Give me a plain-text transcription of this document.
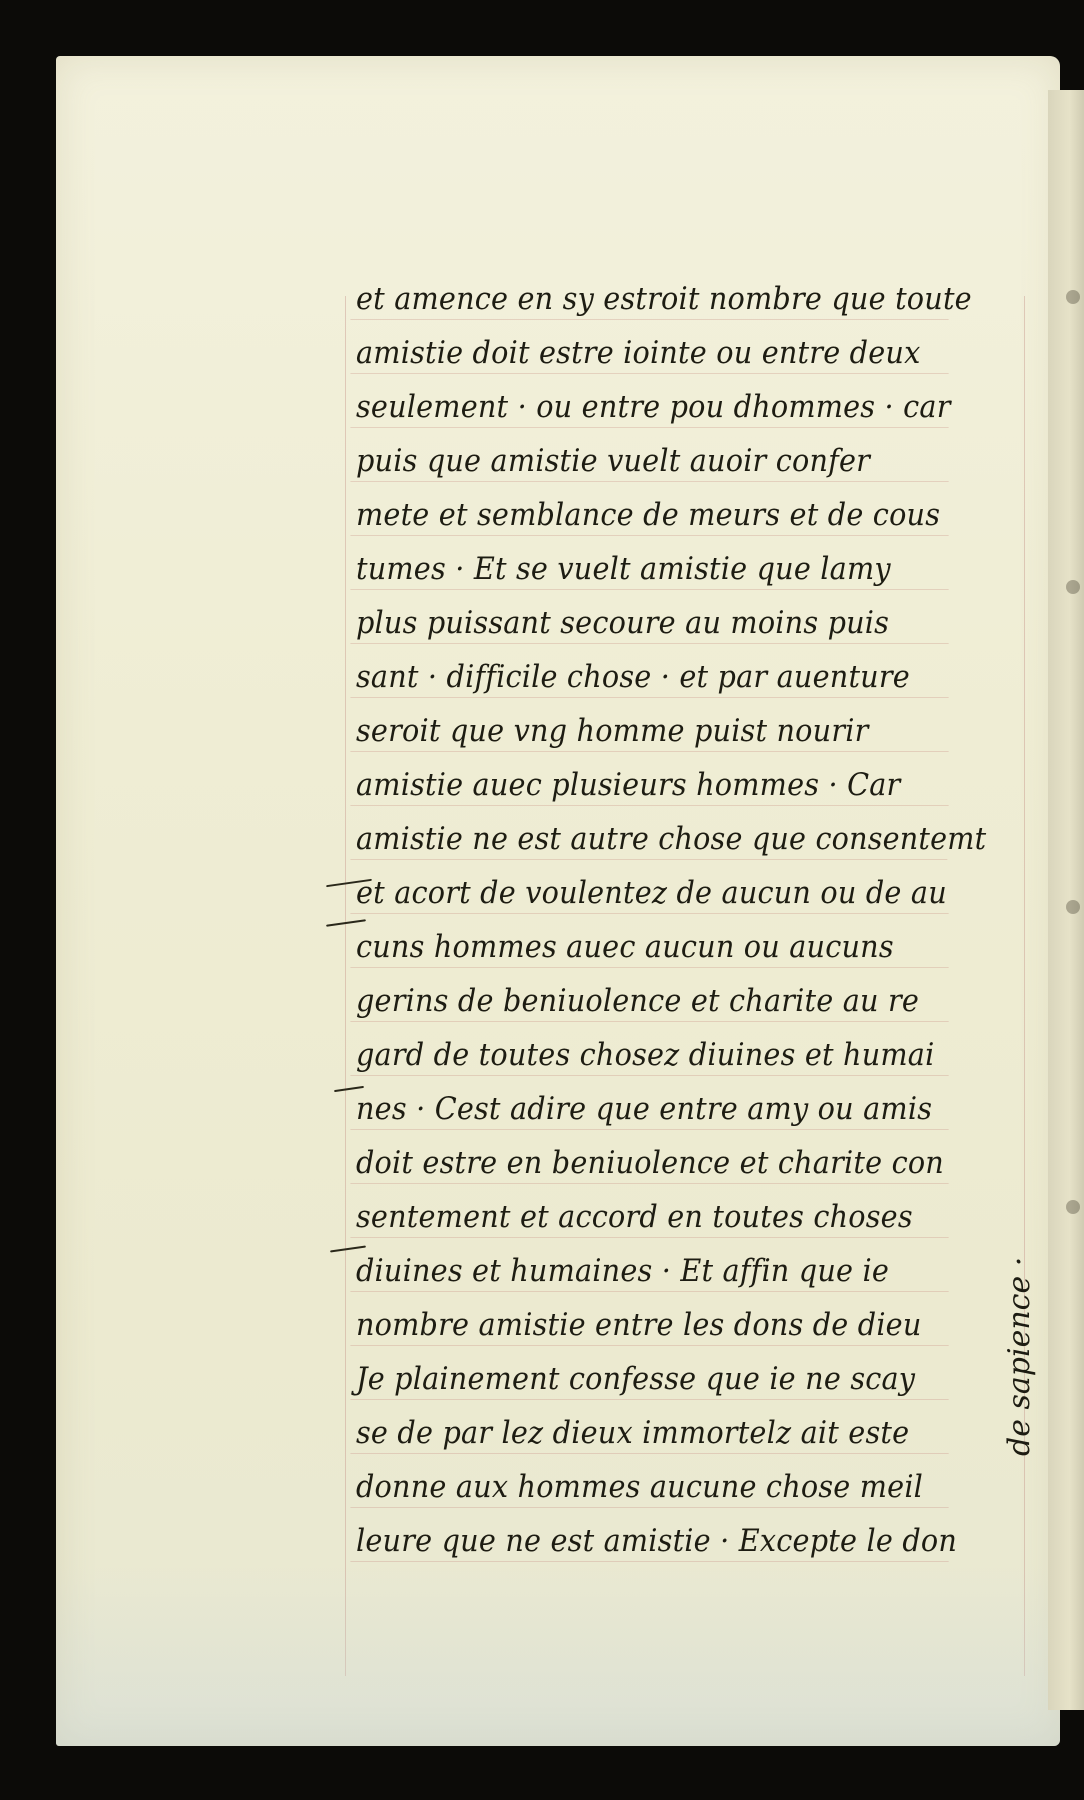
et amence en sy estroit nombre que toute
amistie doit estre iointe ou entre deux
seulement · ou entre pou dhommes · car
puis que amistie vuelt auoir confer
mete et semblance de meurs et de cous
tumes · Et se vuelt amistie que lamy
plus puissant secoure au moins puis
sant · difficile chose · et par auenture
seroit que vng homme puist nourir
amistie auec plusieurs hommes · Car
amistie ne est autre chose que consentemt
et acort de voulentez de aucun ou de au
cuns hommes auec aucun ou aucuns
gerins de beniuolence et charite au re
gard de toutes chosez diuines et humai
nes · Cest adire que entre amy ou amis
doit estre en beniuolence et charite con
sentement et accord en toutes choses
diuines et humaines · Et affin que ie
nombre amistie entre les dons de dieu
Je plainement confesse que ie ne scay
se de par lez dieux immortelz ait este
donne aux hommes aucune chose meil
leure que ne est amistie · Excepte le don
de sapience ·
